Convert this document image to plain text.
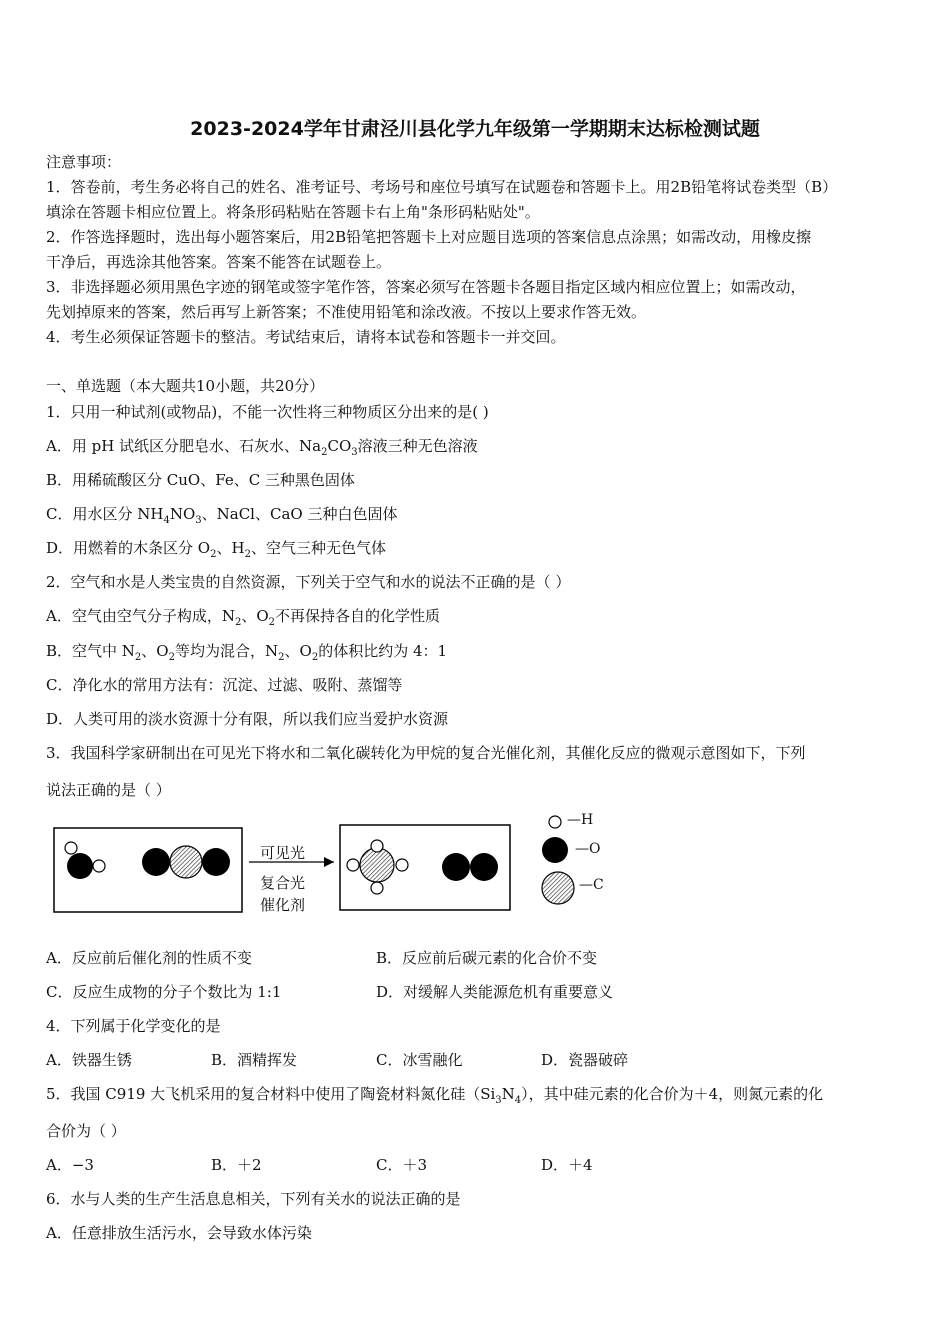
2023-2024学年甘肃泾川县化学九年级第一学期期末达标检测试题
注意事项：
1．答卷前，考生务必将自己的姓名、准考证号、考场号和座位号填写在试题卷和答题卡上。用2B铅笔将试卷类型（B）
填涂在答题卡相应位置上。将条形码粘贴在答题卡右上角"条形码粘贴处"。
2．作答选择题时，选出每小题答案后，用2B铅笔把答题卡上对应题目选项的答案信息点涂黑；如需改动，用橡皮擦
干净后，再选涂其他答案。答案不能答在试题卷上。
3．非选择题必须用黑色字迹的钢笔或签字笔作答，答案必须写在答题卡各题目指定区域内相应位置上；如需改动，
先划掉原来的答案，然后再写上新答案；不准使用铅笔和涂改液。不按以上要求作答无效。
4．考生必须保证答题卡的整洁。考试结束后，请将本试卷和答题卡一并交回。
一、单选题（本大题共10小题，共20分）
1．只用一种试剂(或物品)，不能一次性将三种物质区分出来的是( )
A．用 pH 试纸区分肥皂水、石灰水、$Na_2CO_3$溶液三种无色溶液
B．用稀硫酸区分 CuO、Fe、C 三种黑色固体
C．用水区分 $NH_4NO_3$、NaCl、CaO 三种白色固体
D．用燃着的木条区分 $O_2$、$H_2$、空气三种无色气体
2．空气和水是人类宝贵的自然资源，下列关于空气和水的说法不正确的是（ ）
A．空气由空气分子构成，$N_2$、$O_2$不再保持各自的化学性质
B．空气中 $N_2$、$O_2$等均为混合，$N_2$、$O_2$的体积比约为 4：1
C．净化水的常用方法有：沉淀、过滤、吸附、蒸馏等
D．人类可用的淡水资源十分有限，所以我们应当爱护水资源
3．我国科学家研制出在可见光下将水和二氧化碳转化为甲烷的复合光催化剂，其催化反应的微观示意图如下，下列
说法正确的是（ ）
可见光
复合光
催化剂
—H
—O
—C
A．反应前后催化剂的性质不变	B．反应前后碳元素的化合价不变
C．反应生成物的分子个数比为 1:1	D．对缓解人类能源危机有重要意义
4．下列属于化学变化的是
A．铁器生锈	B．酒精挥发	C．冰雪融化	D．瓷器破碎
5．我国 C919 大飞机采用的复合材料中使用了陶瓷材料氮化硅$(Si_3N_4)$，其中硅元素的化合价为＋4，则氮元素的化
合价为（ ）
A．−3	B．＋2	C．＋3	D．＋4
6．水与人类的生产生活息息相关，下列有关水的说法正确的是
A．任意排放生活污水，会导致水体污染
